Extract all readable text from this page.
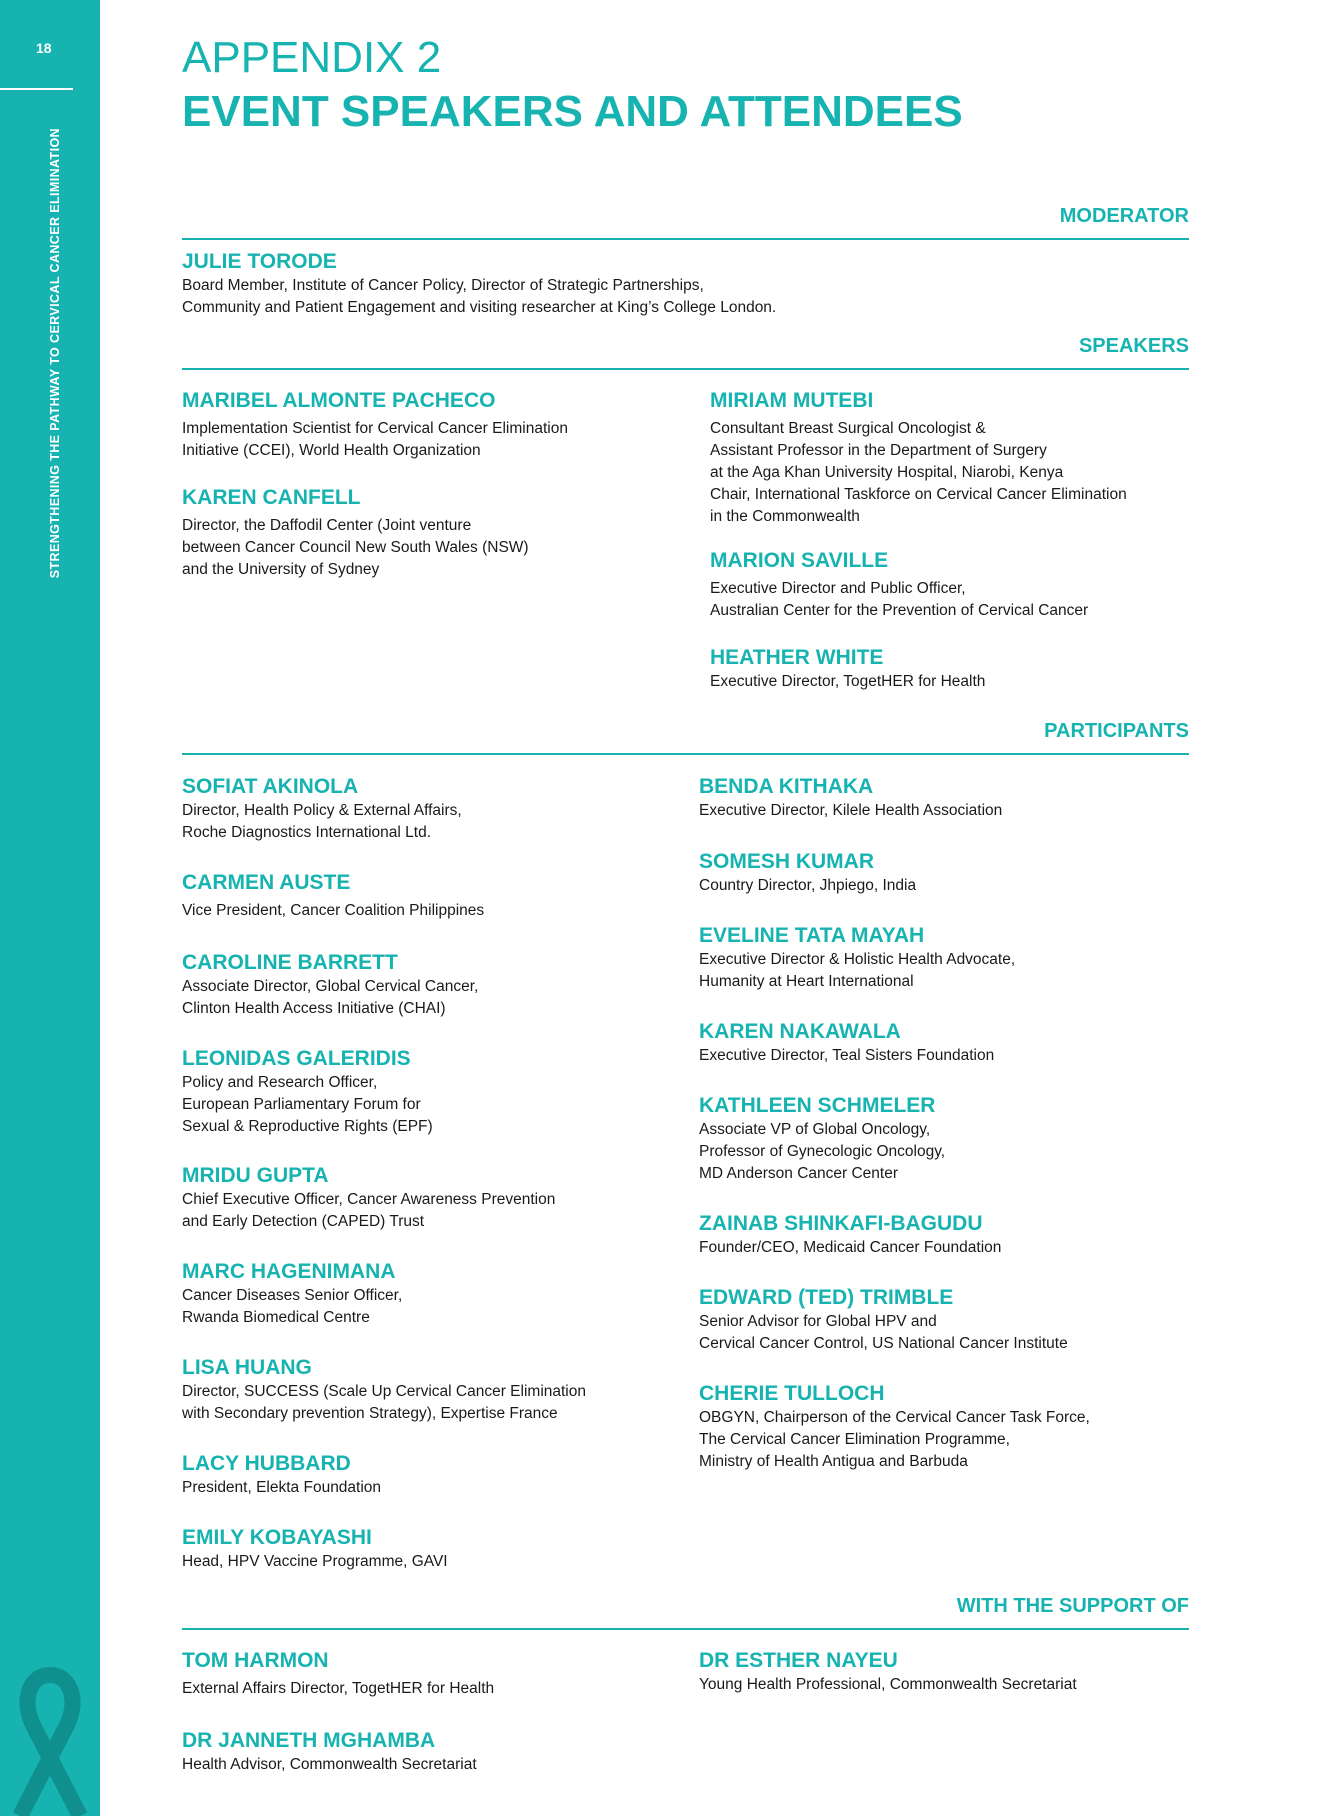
18
STRENGTHENING THE PATHWAY TO CERVICAL CANCER ELIMINATION
APPENDIX 2
EVENT SPEAKERS AND ATTENDEES
MODERATOR
JULIE TORODE
Board Member, Institute of Cancer Policy, Director of Strategic Partnerships,
Community and Patient Engagement and visiting researcher at King’s College London.
SPEAKERS
MARIBEL ALMONTE PACHECO
Implementation Scientist for Cervical Cancer Elimination
Initiative (CCEI), World Health Organization
KAREN CANFELL
Director, the Daffodil Center (Joint venture
between Cancer Council New South Wales (NSW)
and the University of Sydney
MIRIAM MUTEBI
Consultant Breast Surgical Oncologist &
Assistant Professor in the Department of Surgery
at the Aga Khan University Hospital, Niarobi, Kenya
Chair, International Taskforce on Cervical Cancer Elimination
in the Commonwealth
MARION SAVILLE
Executive Director and Public Officer,
Australian Center for the Prevention of Cervical Cancer
HEATHER WHITE
Executive Director, TogetHER for Health
PARTICIPANTS
SOFIAT AKINOLA
Director, Health Policy & External Affairs,
Roche Diagnostics International Ltd.
CARMEN AUSTE
Vice President, Cancer Coalition Philippines
CAROLINE BARRETT
Associate Director, Global Cervical Cancer,
Clinton Health Access Initiative (CHAI)
LEONIDAS GALERIDIS
Policy and Research Officer,
European Parliamentary Forum for
Sexual & Reproductive Rights (EPF)
MRIDU GUPTA
Chief Executive Officer, Cancer Awareness Prevention
and Early Detection (CAPED) Trust
MARC HAGENIMANA
Cancer Diseases Senior Officer,
Rwanda Biomedical Centre
LISA HUANG
Director, SUCCESS (Scale Up Cervical Cancer Elimination
with Secondary prevention Strategy), Expertise France
LACY HUBBARD
President, Elekta Foundation
EMILY KOBAYASHI
Head, HPV Vaccine Programme, GAVI
BENDA KITHAKA
Executive Director, Kilele Health Association
SOMESH KUMAR
Country Director, Jhpiego, India
EVELINE TATA MAYAH
Executive Director & Holistic Health Advocate,
Humanity at Heart International
KAREN NAKAWALA
Executive Director, Teal Sisters Foundation
KATHLEEN SCHMELER
Associate VP of Global Oncology,
Professor of Gynecologic Oncology,
MD Anderson Cancer Center
ZAINAB SHINKAFI-BAGUDU
Founder/CEO, Medicaid Cancer Foundation
EDWARD (TED) TRIMBLE
Senior Advisor for Global HPV and
Cervical Cancer Control, US National Cancer Institute
CHERIE TULLOCH
OBGYN, Chairperson of the Cervical Cancer Task Force,
The Cervical Cancer Elimination Programme,
Ministry of Health Antigua and Barbuda
WITH THE SUPPORT OF
TOM HARMON
External Affairs Director, TogetHER for Health
DR JANNETH MGHAMBA
Health Advisor, Commonwealth Secretariat
DR ESTHER NAYEU
Young Health Professional, Commonwealth Secretariat
